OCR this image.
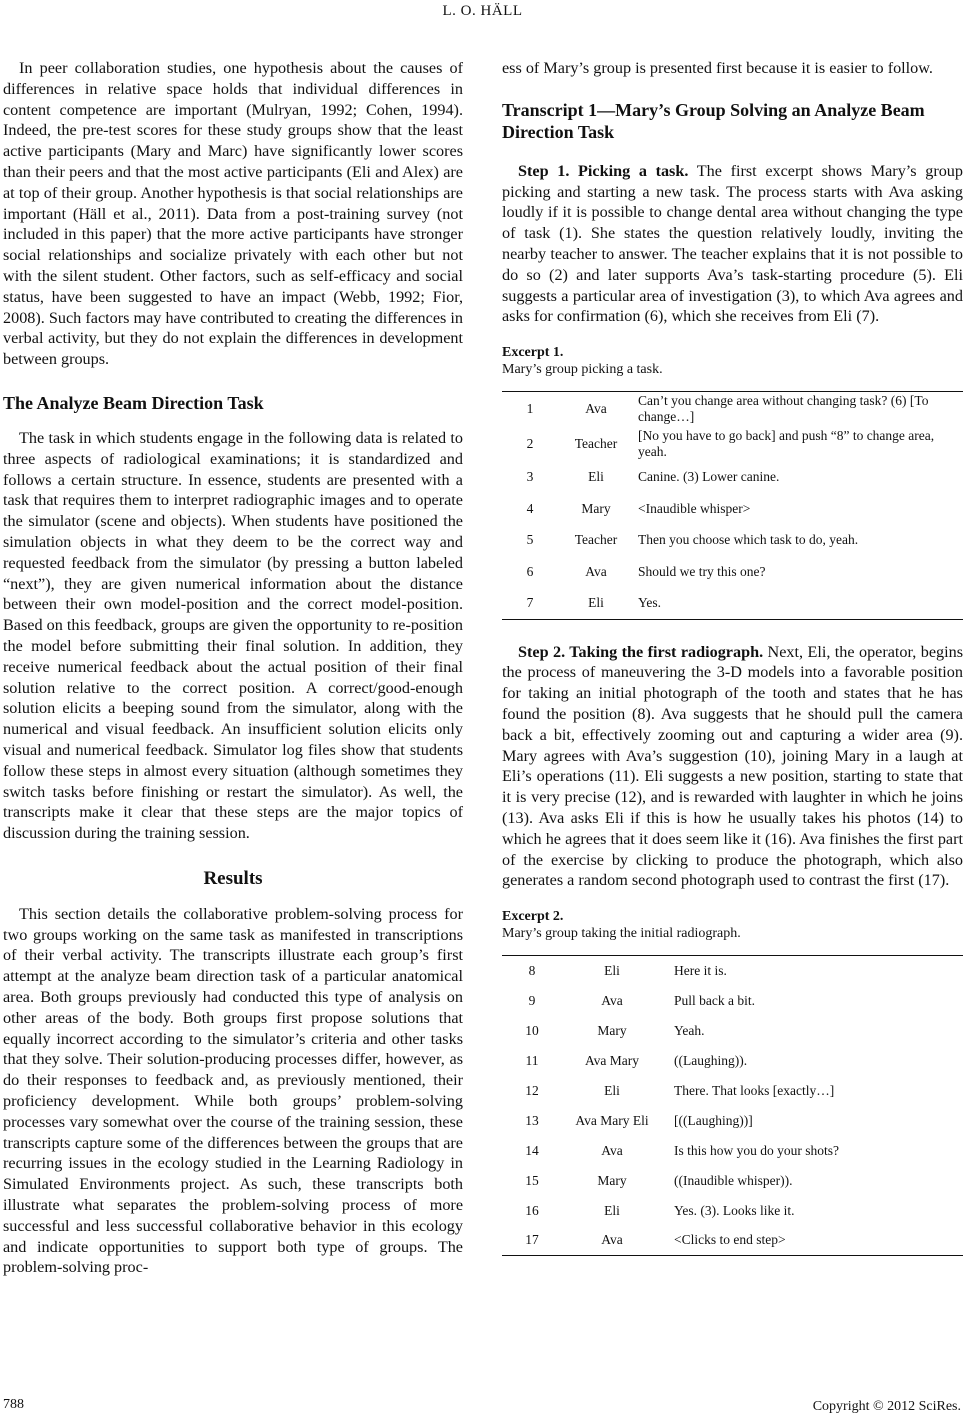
L. O. HÄLL

In peer collaboration studies, one hypothesis about the causes of differences in relative space holds that individual differences in content competence are important (Mulryan, 1992; Cohen, 1994). Indeed, the pre-test scores for these study groups show that the least active participants (Mary and Marc) have significantly lower scores than their peers and that the most active participants (Eli and Alex) are at top of their group. Another hypothesis is that social relationships are important (Häll et al., 2011). Data from a post-training survey (not included in this paper) that the more active participants have stronger social relationships and socialize privately with each other but not with the silent student. Other factors, such as self-efficacy and social status, have been suggested to have an impact (Webb, 1992; Fior, 2008). Such factors may have contributed to creating the differences in verbal activity, but they do not explain the differences in development between groups.

The Analyze Beam Direction Task

The task in which students engage in the following data is related to three aspects of radiological examinations; it is standardized and follows a certain structure. In essence, students are presented with a task that requires them to interpret radiographic images and to operate the simulator (scene and objects). When students have positioned the simulation objects in what they deem to be the correct way and requested feedback from the simulator (by pressing a button labeled “next”), they are given numerical information about the distance between their own model-position and the correct model-position. Based on this feedback, groups are given the opportunity to re-position the model before submitting their final solution. In addition, they receive numerical feedback about the actual position of their final solution relative to the correct position. A correct/good-enough solution elicits a beeping sound from the simulator, along with the numerical and visual feedback. An insufficient solution elicits only visual and numerical feedback. Simulator log files show that students follow these steps in almost every situation (although sometimes they switch tasks before finishing or restart the simulator). As well, the transcripts make it clear that these steps are the major topics of discussion during the training session.

Results

This section details the collaborative problem-solving process for two groups working on the same task as manifested in transcriptions of their verbal activity. The transcripts illustrate each group’s first attempt at the analyze beam direction task of a particular anatomical area. Both groups previously had conducted this type of analysis on other areas of the body. Both groups first propose solutions that equally incorrect according to the simulator’s criteria and other tasks that they solve. Their solution-producing processes differ, however, as do their responses to feedback and, as previously mentioned, their proficiency development. While both groups’ problem-solving processes vary somewhat over the course of the training session, these transcripts capture some of the differences between the groups that are recurring issues in the ecology studied in the Learning Radiology in Simulated Environments project. As such, these transcripts both illustrate what separates the problem-solving process of more successful and less successful collaborative behavior in this ecology and indicate opportunities to support both type of groups. The problem-solving proc-

ess of Mary’s group is presented first because it is easier to follow.

Transcript 1—Mary’s Group Solving an Analyze Beam Direction Task

Step 1. Picking a task. The first excerpt shows Mary’s group picking and starting a new task. The process starts with Ava asking loudly if it is possible to change dental area without changing the type of task (1). She states the question relatively loudly, inviting the nearby teacher to answer. The teacher explains that it is not possible to do so (2) and later supports Ava’s task-starting procedure (5). Eli suggests a particular area of investigation (3), to which Ava agrees and asks for confirmation (6), which she receives from Eli (7).

Excerpt 1.
Mary’s group picking a task.
1	Ava	Can’t you change area without changing task? (6) [To change…]
2	Teacher	[No you have to go back] and push “8” to change area, yeah.
3	Eli	Canine. (3) Lower canine.
4	Mary	<Inaudible whisper>
5	Teacher	Then you choose which task to do, yeah.
6	Ava	Should we try this one?
7	Eli	Yes.

Step 2. Taking the first radiograph. Next, Eli, the operator, begins the process of maneuvering the 3-D models into a favorable position for taking an initial photograph of the tooth and states that he has found the position (8). Ava suggests that he should pull the camera back a bit, effectively zooming out and capturing a wider area (9). Mary agrees with Ava’s suggestion (10), joining Mary in a laugh at Eli’s operations (11). Eli suggests a new position, starting to state that it is very precise (12), and is rewarded with laughter in which he joins (13). Ava asks Eli if this is how he usually takes his photos (14) to which he agrees that it does seem like it (16). Ava finishes the first part of the exercise by clicking to produce the photograph, which also generates a random second photograph used to contrast the first (17).

Excerpt 2.
Mary’s group taking the initial radiograph.
8	Eli	Here it is.
9	Ava	Pull back a bit.
10	Mary	Yeah.
11	Ava Mary	((Laughing)).
12	Eli	There. That looks [exactly…]
13	Ava Mary Eli	[((Laughing))]
14	Ava	Is this how you do your shots?
15	Mary	((Inaudible whisper)).
16	Eli	Yes. (3). Looks like it.
17	Ava	<Clicks to end step>
788	Copyright © 2012 SciRes.
